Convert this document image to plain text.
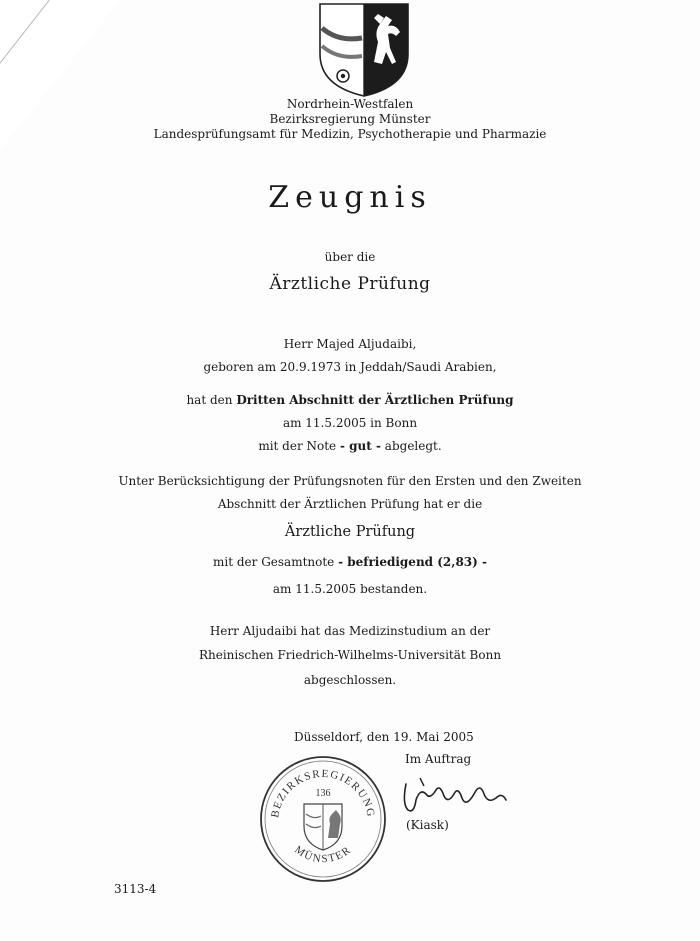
Nordrhein-Westfalen
Bezirksregierung Münster
Landesprüfungsamt für Medizin, Psychotherapie und Pharmazie
Zeugnis
über die
Ärztliche Prüfung
Herr Majed Aljudaibi,
geboren am 20.9.1973 in Jeddah/Saudi Arabien,
hat den Dritten Abschnitt der Ärztlichen Prüfung
am 11.5.2005 in Bonn
mit der Note - gut - abgelegt.
Unter Berücksichtigung der Prüfungsnoten für den Ersten und den Zweiten
Abschnitt der Ärztlichen Prüfung hat er die
Ärztliche Prüfung
mit der Gesamtnote - befriedigend (2,83) -
am 11.5.2005 bestanden.
Herr Aljudaibi hat das Medizinstudium an der
Rheinischen Friedrich-Wilhelms-Universität Bonn
abgeschlossen.
Düsseldorf, den 19. Mai 2005
Im Auftrag
(Kiask)
BEZIRKSREGIERUNG
MÜNSTER
136
3113-4
